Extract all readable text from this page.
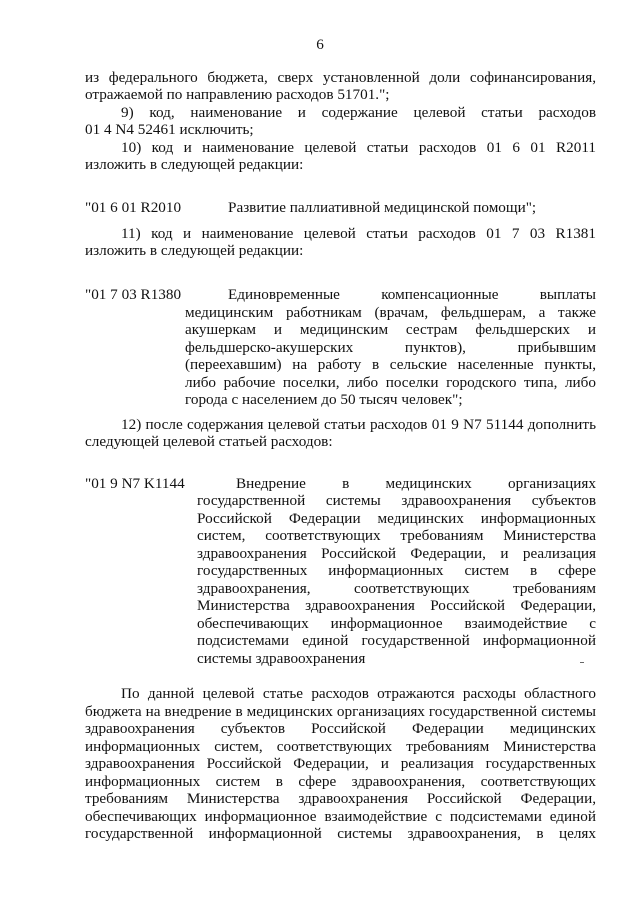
6
из федерального бюджета, сверх установленной доли софинансирования,
отражаемой по направлению расходов 51701.";
9) код, наименование и содержание целевой статьи расходов
01 4 N4 52461 исключить;
10) код и наименование целевой статьи расходов 01 6 01 R2011
изложить в следующей редакции:
"01 6 01 R2010	Развитие паллиативной медицинской помощи";
11) код и наименование целевой статьи расходов 01 7 03 R1381
изложить в следующей редакции:
"01 7 03 R1380	Единовременные компенсационные выплаты
медицинским работникам (врачам, фельдшерам, а также
акушеркам и медицинским сестрам фельдшерских и
фельдшерско-акушерских пунктов), прибывшим
(переехавшим) на работу в сельские населенные пункты,
либо рабочие поселки, либо поселки городского типа, либо
города с населением до 50 тысяч человек";
12) после содержания целевой статьи расходов 01 9 N7 51144 дополнить
следующей целевой статьей расходов:
"01 9 N7 K1144	Внедрение в медицинских организациях
государственной системы здравоохранения субъектов
Российской Федерации медицинских информационных
систем, соответствующих требованиям Министерства
здравоохранения Российской Федерации, и реализация
государственных информационных систем в сфере
здравоохранения, соответствующих требованиям
Министерства здравоохранения Российской Федерации,
обеспечивающих информационное взаимодействие с
подсистемами единой государственной информационной
системы здравоохранения
По данной целевой статье расходов отражаются расходы областного
бюджета на внедрение в медицинских организациях государственной системы
здравоохранения субъектов Российской Федерации медицинских
информационных систем, соответствующих требованиям Министерства
здравоохранения Российской Федерации, и реализация государственных
информационных систем в сфере здравоохранения, соответствующих
требованиям Министерства здравоохранения Российской Федерации,
обеспечивающих информационное взаимодействие с подсистемами единой
государственной информационной системы здравоохранения, в целях
